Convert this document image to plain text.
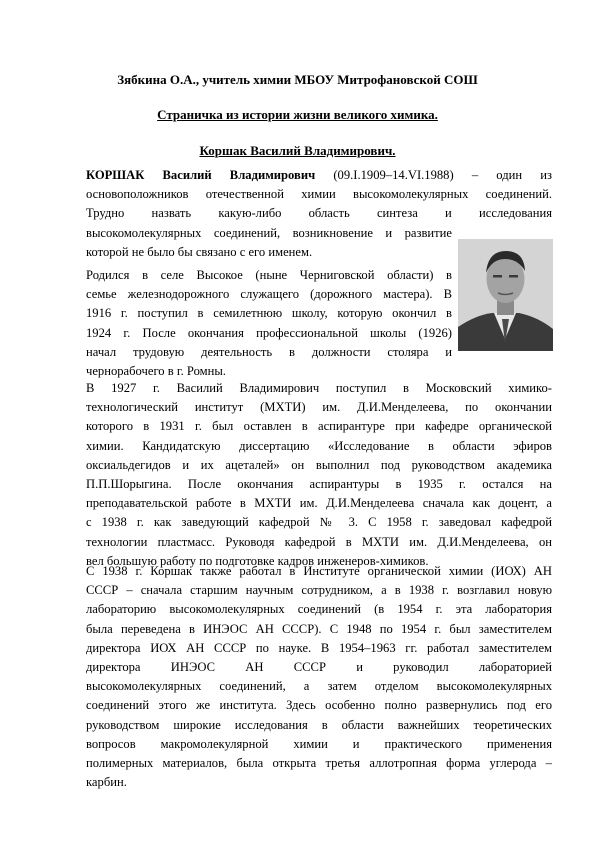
Зябкина О.А., учитель химии МБОУ Митрофановской СОШ
Страничка из истории жизни великого химика.
Коршак Василий Владимирович.
КОРШАК Василий Владимирович (09.I.1909–14.VI.1988) – один из
основоположников отечественной химии высокомолекулярных соединений.
Трудно назвать какую-либо область синтеза и исследования
высокомолекулярных соединений, возникновение и развитие
которой не было бы связано с его именем.
Родился в селе Высокое (ныне Черниговской области) в
семье железнодорожного служащего (дорожного мастера). В
1916 г. поступил в семилетнюю школу, которую окончил в
1924 г. После окончания профессиональной школы (1926)
начал трудовую деятельность в должности столяра и
чернорабочего в г. Ромны.
В 1927 г. Василий Владимирович поступил в Московский химико-
технологический институт (МХТИ) им. Д.И.Менделеева, по окончании
которого в 1931 г. был оставлен в аспирантуре при кафедре органической
химии. Кандидатскую диссертацию «Исследование в области эфиров
оксиальдегидов и их ацеталей» он выполнил под руководством академика
П.П.Шорыгина. После окончания аспирантуры в 1935 г. остался на
преподавательской работе в МХТИ им. Д.И.Менделеева сначала как доцент, а
с 1938 г. как заведующий кафедрой № 3. С 1958 г. заведовал кафедрой
технологии пластмасс. Руководя кафедрой в МХТИ им. Д.И.Менделеева, он
вел большую работу по подготовке кадров инженеров-химиков.
С 1938 г. Коршак также работал в Институте органической химии (ИОХ) АН
СССР – сначала старшим научным сотрудником, а в 1938 г. возглавил новую
лабораторию высокомолекулярных соединений (в 1954 г. эта лаборатория
была переведена в ИНЭОС АН СССР). С 1948 по 1954 г. был заместителем
директора ИОХ АН СССР по науке. В 1954–1963 гг. работал заместителем
директора ИНЭОС АН СССР и руководил лабораторией
высокомолекулярных соединений, а затем отделом высокомолекулярных
соединений этого же института. Здесь особенно полно развернулись под его
руководством широкие исследования в области важнейших теоретических
вопросов макромолекулярной химии и практического применения
полимерных материалов, была открыта третья аллотропная форма углерода –
карбин.
